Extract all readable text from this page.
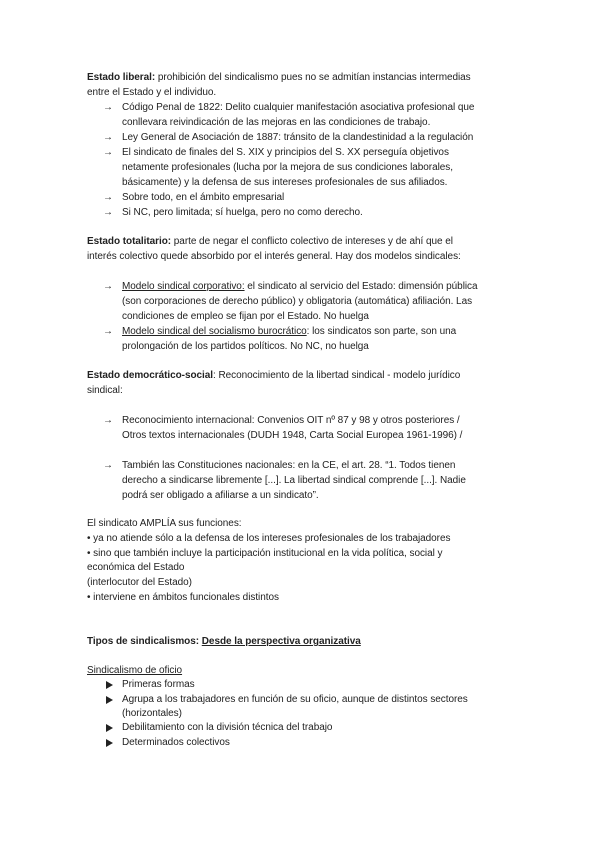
Estado liberal: prohibición del sindicalismo pues no se admitían instancias intermedias
entre el Estado y el individuo.
→ Código Penal de 1822: Delito cualquier manifestación asociativa profesional que
conllevara reivindicación de las mejoras en las condiciones de trabajo.
→ Ley General de Asociación de 1887: tránsito de la clandestinidad a la regulación
→ El sindicato de finales del S. XIX y principios del S. XX perseguía objetivos
netamente profesionales (lucha por la mejora de sus condiciones laborales,
básicamente) y la defensa de sus intereses profesionales de sus afiliados.
→ Sobre todo, en el ámbito empresarial
→ Si NC, pero limitada; sí huelga, pero no como derecho.
Estado totalitario: parte de negar el conflicto colectivo de intereses y de ahí que el
interés colectivo quede absorbido por el interés general. Hay dos modelos sindicales:
→ Modelo sindical corporativo: el sindicato al servicio del Estado: dimensión pública
(son corporaciones de derecho público) y obligatoria (automática) afiliación. Las
condiciones de empleo se fijan por el Estado. No huelga
→ Modelo sindical del socialismo burocrático: los sindicatos son parte, son una
prolongación de los partidos políticos. No NC, no huelga
Estado democrático-social: Reconocimiento de la libertad sindical - modelo jurídico
sindical:
→ Reconocimiento internacional: Convenios OIT nº 87 y 98 y otros posteriores /
Otros textos internacionales (DUDH 1948, Carta Social Europea 1961-1996) /
→ También las Constituciones nacionales: en la CE, el art. 28. “1. Todos tienen
derecho a sindicarse libremente [...]. La libertad sindical comprende [...]. Nadie
podrá ser obligado a afiliarse a un sindicato”.
El sindicato AMPLÍA sus funciones:
• ya no atiende sólo a la defensa de los intereses profesionales de los trabajadores
• sino que también incluye la participación institucional en la vida política, social y
económica del Estado
(interlocutor del Estado)
• interviene en ámbitos funcionales distintos
Tipos de sindicalismos: Desde la perspectiva organizativa
Sindicalismo de oficio
Primeras formas
Agrupa a los trabajadores en función de su oficio, aunque de distintos sectores
(horizontales)
Debilitamiento con la división técnica del trabajo
Determinados colectivos
